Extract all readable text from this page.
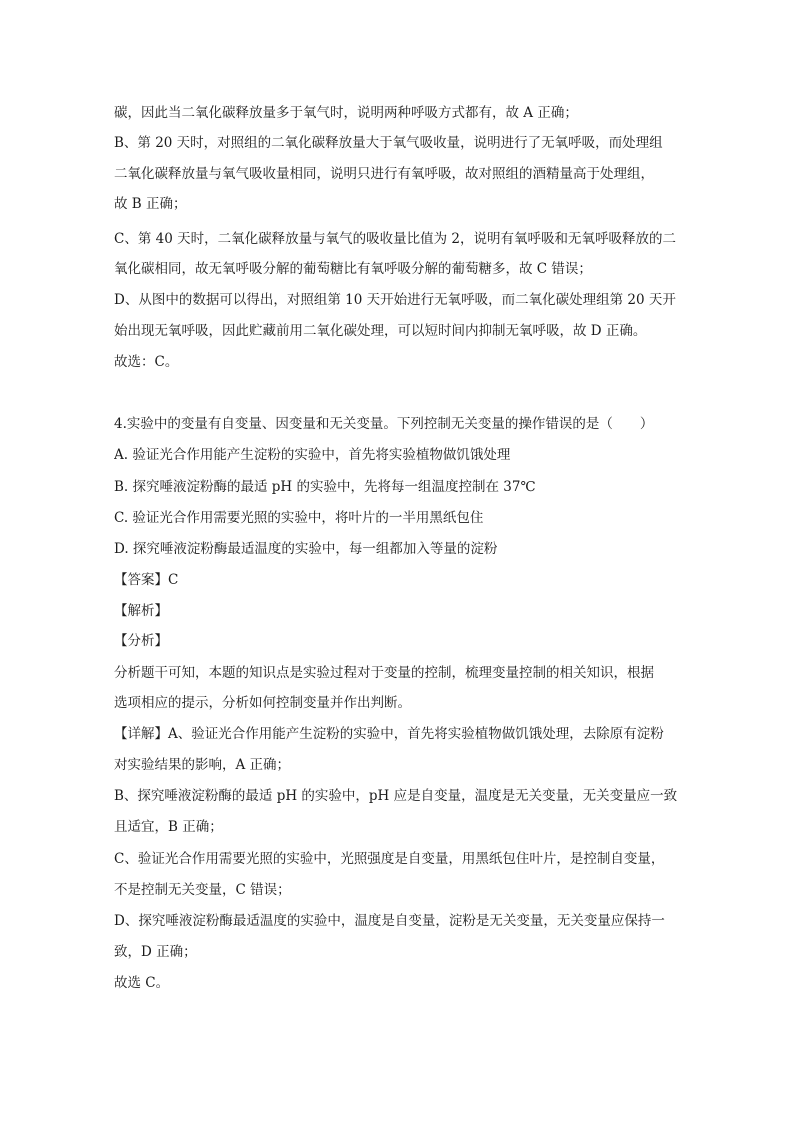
碳，因此当二氧化碳释放量多于氧气时，说明两种呼吸方式都有，故 A 正确；
B、第 20 天时，对照组的二氧化碳释放量大于氧气吸收量，说明进行了无氧呼吸，而处理组
二氧化碳释放量与氧气吸收量相同，说明只进行有氧呼吸，故对照组的酒精量高于处理组，
故 B 正确；
C、第 40 天时，二氧化碳释放量与氧气的吸收量比值为 2，说明有氧呼吸和无氧呼吸释放的二
氧化碳相同，故无氧呼吸分解的葡萄糖比有氧呼吸分解的葡萄糖多，故 C 错误；
D、从图中的数据可以得出，对照组第 10 天开始进行无氧呼吸，而二氧化碳处理组第 20 天开
始出现无氧呼吸，因此贮藏前用二氧化碳处理，可以短时间内抑制无氧呼吸，故 D 正确。
故选：C。
4.实验中的变量有自变量、因变量和无关变量。下列控制无关变量的操作错误的是（　　）
A. 验证光合作用能产生淀粉的实验中，首先将实验植物做饥饿处理
B. 探究唾液淀粉酶的最适 pH 的实验中，先将每一组温度控制在 37℃
C. 验证光合作用需要光照的实验中，将叶片的一半用黑纸包住
D. 探究唾液淀粉酶最适温度的实验中，每一组都加入等量的淀粉
【答案】C
【解析】
【分析】
分析题干可知，本题的知识点是实验过程对于变量的控制，梳理变量控制的相关知识，根据
选项相应的提示，分析如何控制变量并作出判断。
【详解】A、验证光合作用能产生淀粉的实验中，首先将实验植物做饥饿处理，去除原有淀粉
对实验结果的影响，A 正确；
B、探究唾液淀粉酶的最适 pH 的实验中，pH 应是自变量，温度是无关变量，无关变量应一致
且适宜，B 正确；
C、验证光合作用需要光照的实验中，光照强度是自变量，用黑纸包住叶片，是控制自变量，
不是控制无关变量，C 错误；
D、探究唾液淀粉酶最适温度的实验中，温度是自变量，淀粉是无关变量，无关变量应保持一
致，D 正确；
故选 C。
